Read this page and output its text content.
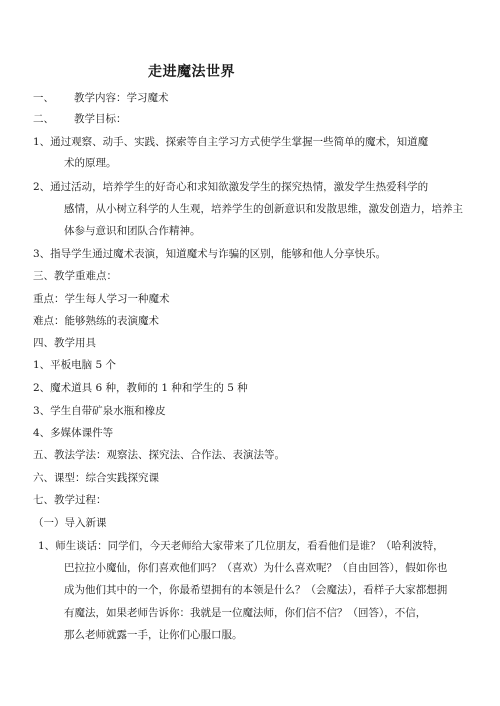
走进魔法世界
一、 教学内容：学习魔术
二、 教学目标：
1、通过观察、动手、实践、探索等自主学习方式使学生掌握一些简单的魔术，知道魔
术的原理。
2、通过活动，培养学生的好奇心和求知欲激发学生的探究热情，激发学生热爱科学的
感情，从小树立科学的人生观，培养学生的创新意识和发散思维，激发创造力，培养主
体参与意识和团队合作精神。
3、指导学生通过魔术表演，知道魔术与诈骗的区别，能够和他人分享快乐。
三、教学重难点：
重点：学生每人学习一种魔术
难点：能够熟练的表演魔术
四、教学用具
1、平板电脑 5 个
2、魔术道具 6 种，教师的 1 种和学生的 5 种
3、学生自带矿泉水瓶和橡皮
4、多媒体课件等
五、教法学法：观察法、探究法、合作法、表演法等。
六、课型：综合实践探究课
七、教学过程：
（一）导入新课
1、师生谈话：同学们，今天老师给大家带来了几位朋友，看看他们是谁？（哈利波特，
巴拉拉小魔仙，你们喜欢他们吗？（喜欢）为什么喜欢呢？（自由回答），假如你也
成为他们其中的一个，你最希望拥有的本领是什么？（会魔法），看样子大家都想拥
有魔法，如果老师告诉你：我就是一位魔法师，你们信不信？（回答），不信，
那么老师就露一手，让你们心服口服。
